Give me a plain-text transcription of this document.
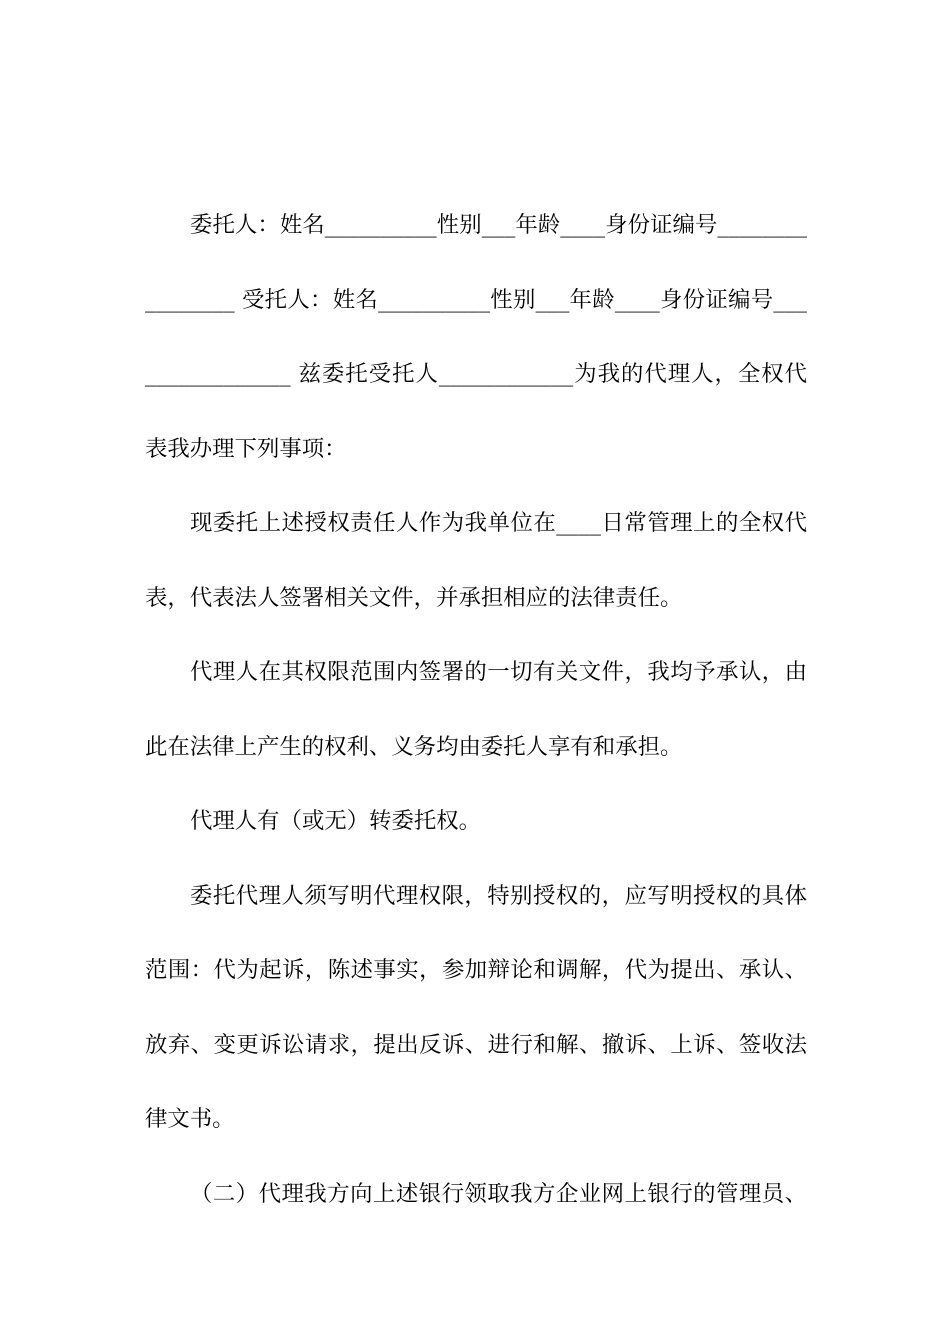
委托人：姓名__________性别___年龄____身份证编号________
________ 受托人：姓名__________性别___年龄____身份证编号___
_____________ 兹委托受托人____________为我的代理人，全权代
表我办理下列事项：
现委托上述授权责任人作为我单位在____日常管理上的全权代
表，代表法人签署相关文件，并承担相应的法律责任。
代理人在其权限范围内签署的一切有关文件，我均予承认，由
此在法律上产生的权利、义务均由委托人享有和承担。
代理人有（或无）转委托权。
委托代理人须写明代理权限，特别授权的，应写明授权的具体
范围：代为起诉，陈述事实，参加辩论和调解，代为提出、承认、
放弃、变更诉讼请求，提出反诉、进行和解、撤诉、上诉、签收法
律文书。
（二）代理我方向上述银行领取我方企业网上银行的管理员、
